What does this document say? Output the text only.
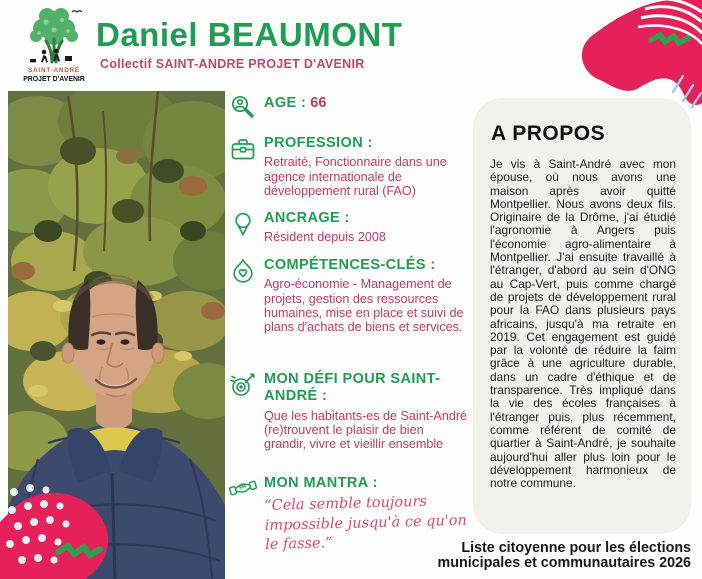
SAINT-ANDRÉ
PROJET D'AVENIR
Daniel BEAUMONT
Collectif SAINT-ANDRE PROJET D'AVENIR
AGE : 66
PROFESSION :
Retraité, Fonctionnaire dans une agence internationale de développement rural (FAO)
ANCRAGE :
Résident depuis 2008
COMPÉTENCES-CLÉS :
Agro-économie - Management de projets, gestion des ressources humaines, mise en place et suivi de plans d'achats de biens et services.
MON DÉFI POUR SAINT-ANDRÉ :
Que les habitants-es de Saint-André (re)trouvent le plaisir de bien grandir, vivre et vieillir ensemble
MON MANTRA :
“Cela semble toujours impossible jusqu'à ce qu'on le fasse.”
A PROPOS

Je vis à Saint-André avec mon épouse, où nous avons une maison après avoir quitté Montpellier. Nous avons deux fils. Originaire de la Drôme, j'ai étudié l'agronomie à Angers puis l'économie agro-alimentaire à Montpellier. J'ai ensuite travaillé à l'étranger, d'abord au sein d'ONG au Cap-Vert, puis comme chargé de projets de développement rural pour la FAO dans plusieurs pays africains, jusqu'à ma retraite en 2019. Cet engagement est guidé par la volonté de réduire la faim grâce à une agriculture durable, dans un cadre d'éthique et de transparence. Très impliqué dans la vie des écoles françaises à l'étranger puis, plus récemment, comme référent de comité de quartier à Saint-André, je souhaite aujourd'hui aller plus loin pour le développement harmonieux de notre commune.

Liste citoyenne pour les élections
municipales et communautaires 2026
